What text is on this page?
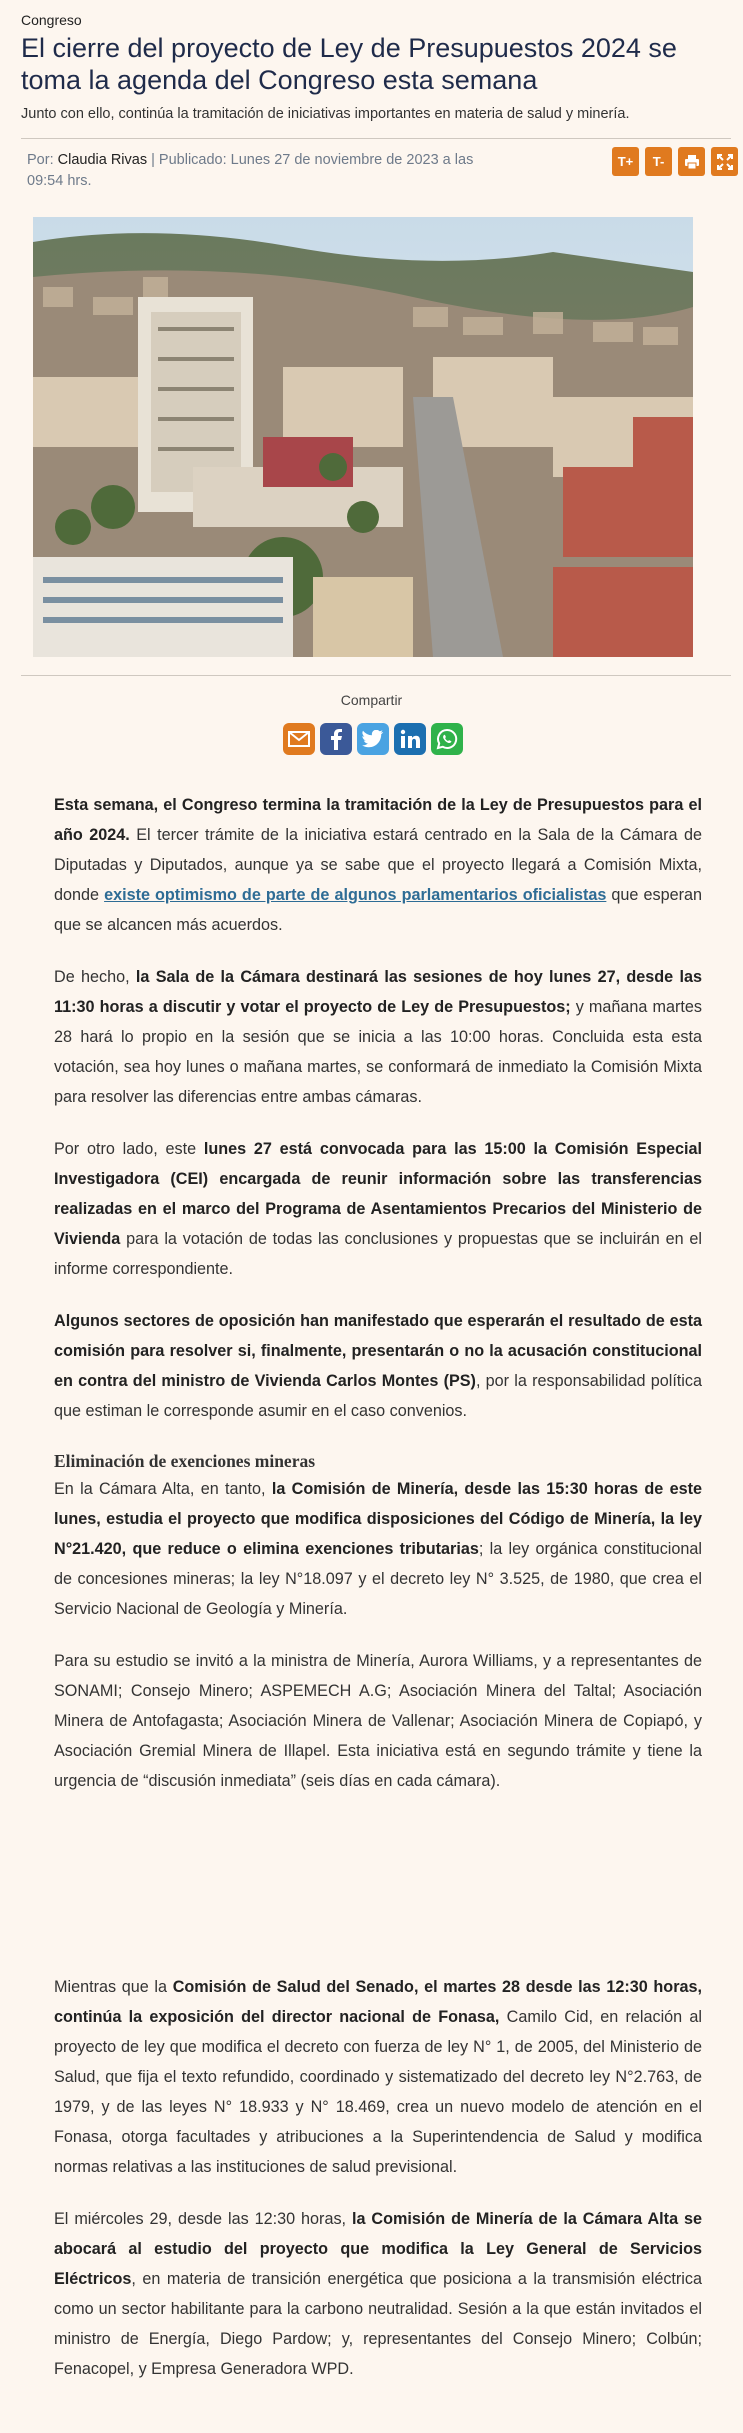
Congreso
El cierre del proyecto de Ley de Presupuestos 2024 se toma la agenda del Congreso esta semana
Junto con ello, continúa la tramitación de iniciativas importantes en materia de salud y minería.
Por: Claudia Rivas | Publicado: Lunes 27 de noviembre de 2023 a las 09:54 hrs.
T+	T-
Compartir

Esta semana, el Congreso termina la tramitación de la Ley de Presupuestos para el año 2024. El tercer trámite de la iniciativa estará centrado en la Sala de la Cámara de Diputadas y Diputados, aunque ya se sabe que el proyecto llegará a Comisión Mixta, donde existe optimismo de parte de algunos parlamentarios oficialistas que esperan que se alcancen más acuerdos.

De hecho, la Sala de la Cámara destinará las sesiones de hoy lunes 27, desde las 11:30 horas a discutir y votar el proyecto de Ley de Presupuestos; y mañana martes 28 hará lo propio en la sesión que se inicia a las 10:00 horas. Concluida esta esta votación, sea hoy lunes o mañana martes, se conformará de inmediato la Comisión Mixta para resolver las diferencias entre ambas cámaras.

Por otro lado, este lunes 27 está convocada para las 15:00 la Comisión Especial Investigadora (CEI) encargada de reunir información sobre las transferencias realizadas en el marco del Programa de Asentamientos Precarios del Ministerio de Vivienda para la votación de todas las conclusiones y propuestas que se incluirán en el informe correspondiente.

Algunos sectores de oposición han manifestado que esperarán el resultado de esta comisión para resolver si, finalmente, presentarán o no la acusación constitucional en contra del ministro de Vivienda Carlos Montes (PS), por la responsabilidad política que estiman le corresponde asumir en el caso convenios.

Eliminación de exenciones mineras

En la Cámara Alta, en tanto, la Comisión de Minería, desde las 15:30 horas de este lunes, estudia el proyecto que modifica disposiciones del Código de Minería, la ley N°21.420, que reduce o elimina exenciones tributarias; la ley orgánica constitucional de concesiones mineras; la ley N°18.097 y el decreto ley N° 3.525, de 1980, que crea el Servicio Nacional de Geología y Minería.

Para su estudio se invitó a la ministra de Minería, Aurora Williams, y a representantes de SONAMI; Consejo Minero; ASPEMECH A.G; Asociación Minera del Taltal; Asociación Minera de Antofagasta; Asociación Minera de Vallenar; Asociación Minera de Copiapó, y Asociación Gremial Minera de Illapel. Esta iniciativa está en segundo trámite y tiene la urgencia de “discusión inmediata” (seis días en cada cámara).

Mientras que la Comisión de Salud del Senado, el martes 28 desde las 12:30 horas, continúa la exposición del director nacional de Fonasa, Camilo Cid, en relación al proyecto de ley que modifica el decreto con fuerza de ley N° 1, de 2005, del Ministerio de Salud, que fija el texto refundido, coordinado y sistematizado del decreto ley N°2.763, de 1979, y de las leyes N° 18.933 y N° 18.469, crea un nuevo modelo de atención en el Fonasa, otorga facultades y atribuciones a la Superintendencia de Salud y modifica normas relativas a las instituciones de salud previsional.

El miércoles 29, desde las 12:30 horas, la Comisión de Minería de la Cámara Alta se abocará al estudio del proyecto que modifica la Ley General de Servicios Eléctricos, en materia de transición energética que posiciona a la transmisión eléctrica como un sector habilitante para la carbono neutralidad. Sesión a la que están invitados el ministro de Energía, Diego Pardow; y, representantes del Consejo Minero; Colbún; Fenacopel, y Empresa Generadora WPD.
